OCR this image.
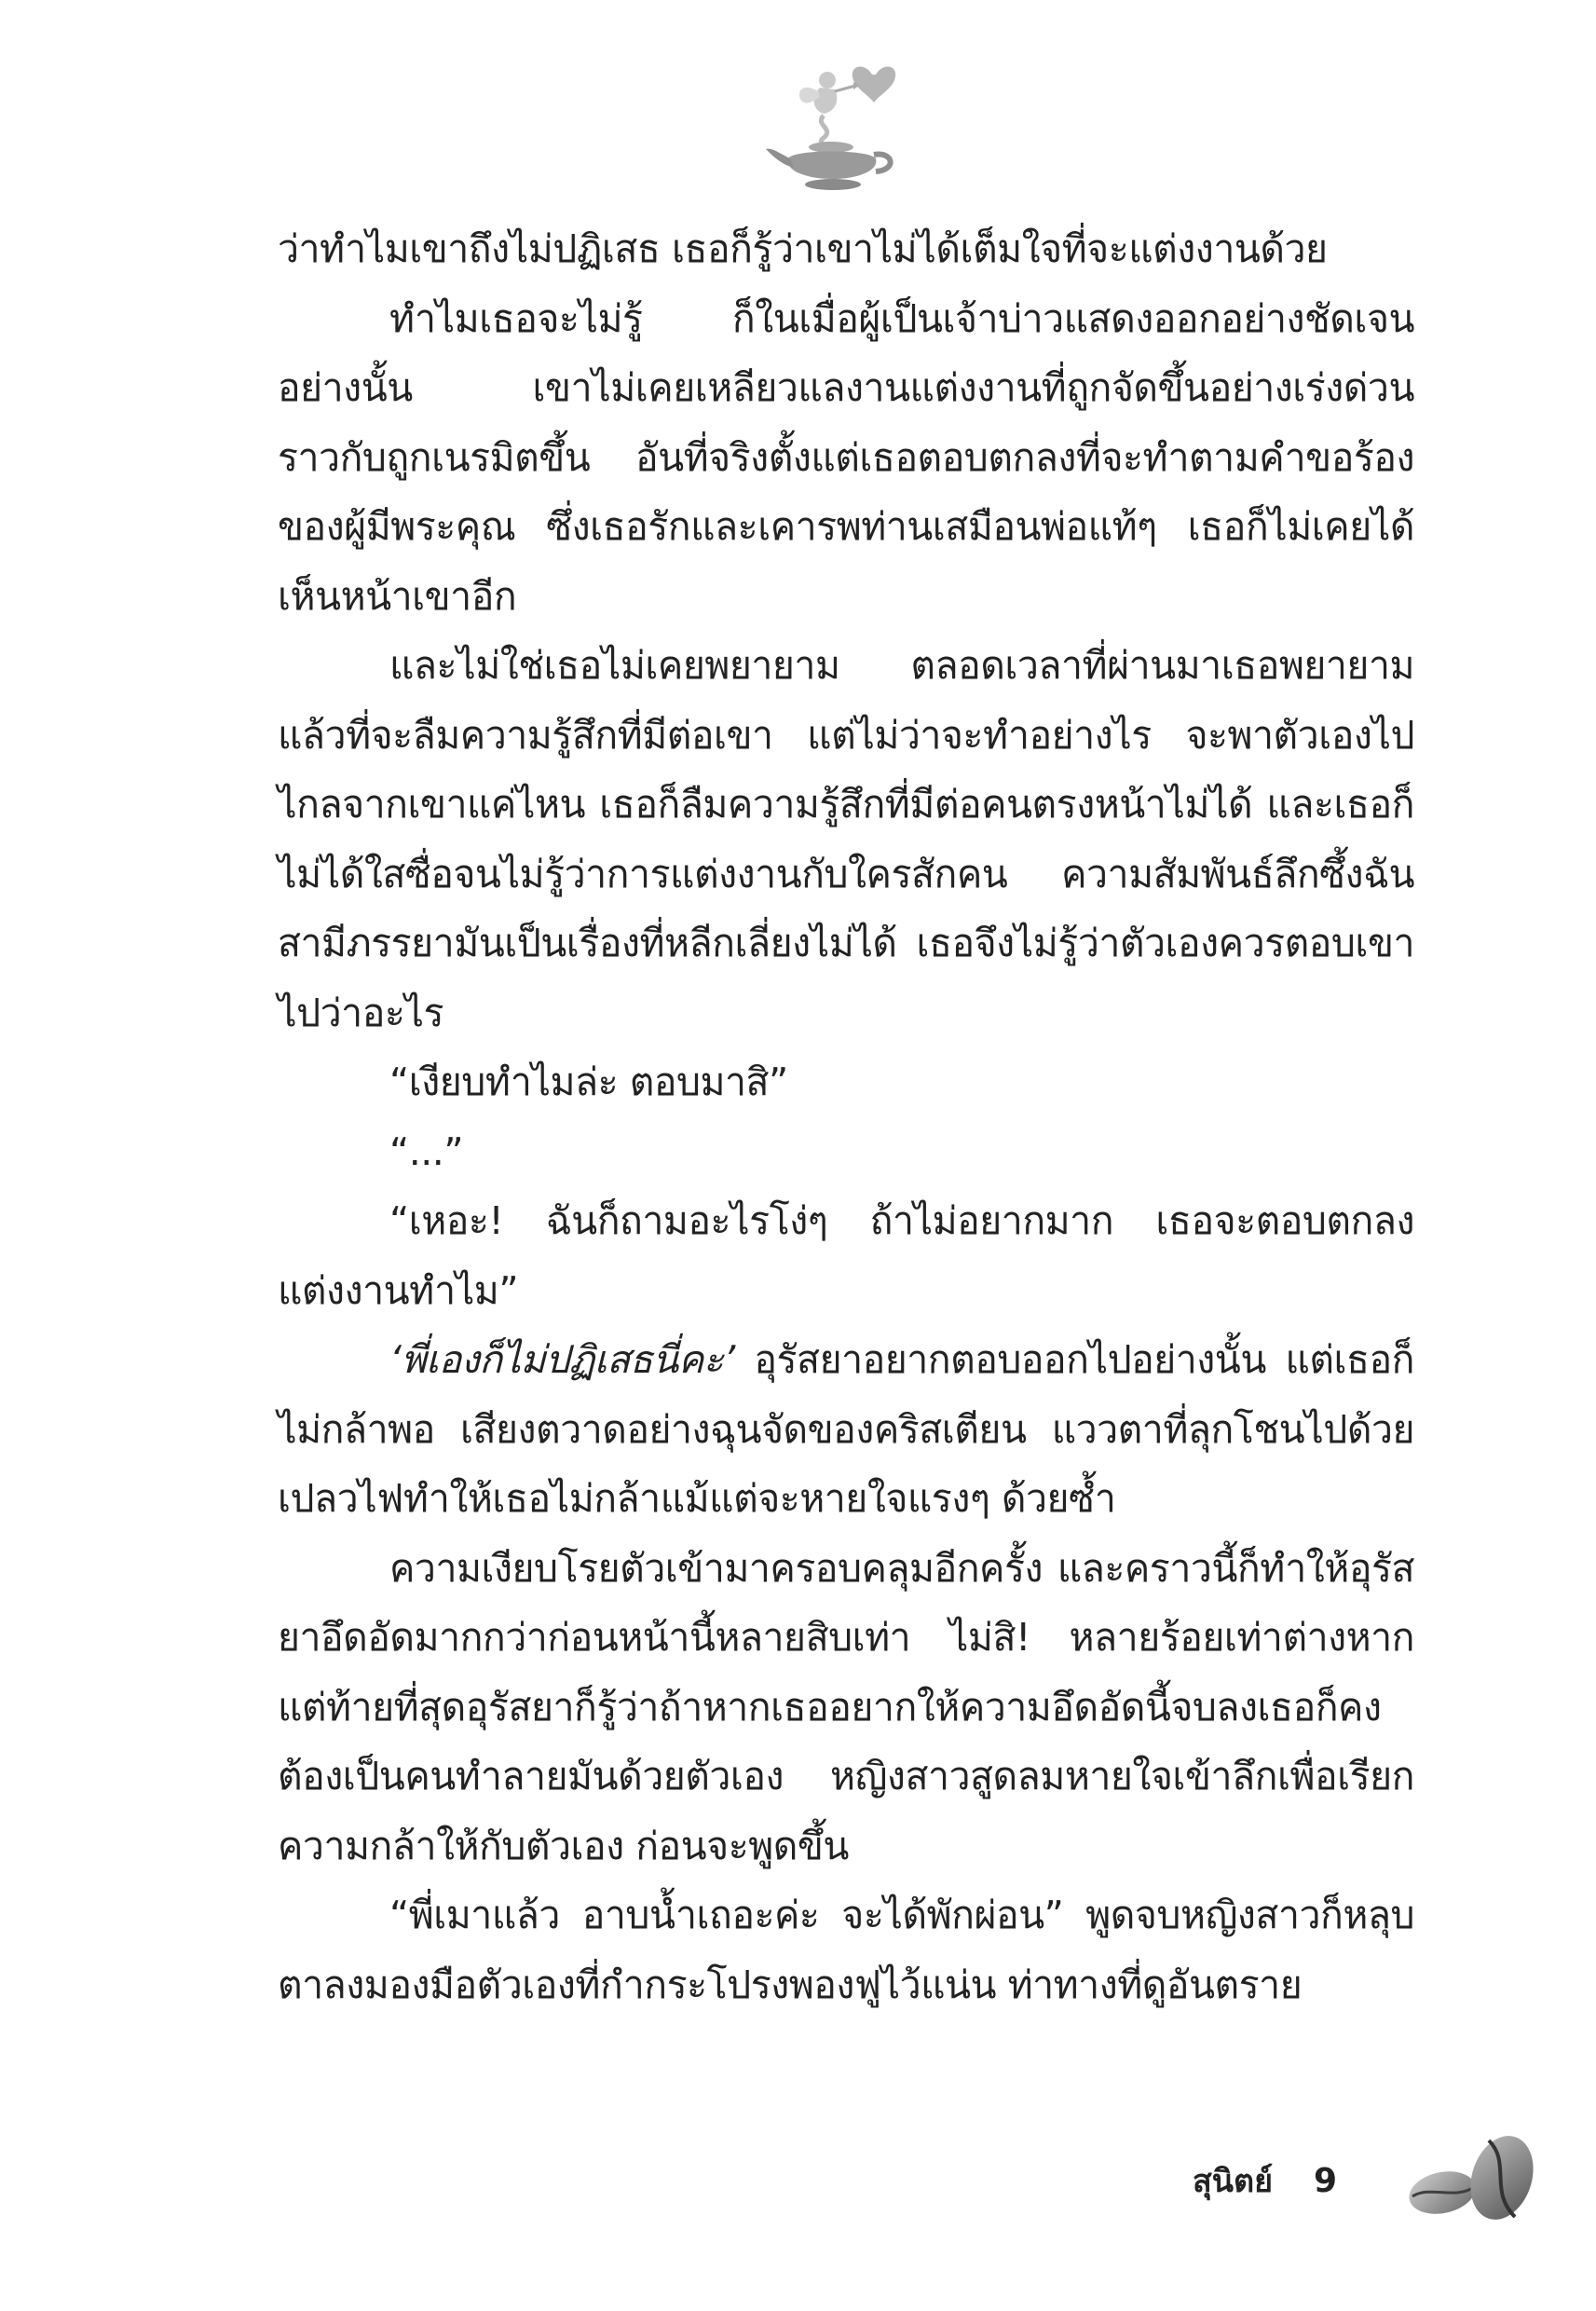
ว่าทำไมเขาถึงไม่ปฏิเสธ เธอก็รู้ว่าเขาไม่ได้เต็มใจที่จะแต่งงานด้วย

ทำไมเธอจะไม่รู้ ก็ในเมื่อผู้เป็นเจ้าบ่าวแสดงออกอย่างชัดเจนอย่างนั้น เขาไม่เคยเหลียวแลงานแต่งงานที่ถูกจัดขึ้นอย่างเร่งด่วนราวกับถูกเนรมิตขึ้น อันที่จริงตั้งแต่เธอตอบตกลงที่จะทำตามคำขอร้องของผู้มีพระคุณ ซึ่งเธอรักและเคารพท่านเสมือนพ่อแท้ๆ เธอก็ไม่เคยได้เห็นหน้าเขาอีก

และไม่ใช่เธอไม่เคยพยายาม ตลอดเวลาที่ผ่านมาเธอพยายามแล้วที่จะลืมความรู้สึกที่มีต่อเขา แต่ไม่ว่าจะทำอย่างไร จะพาตัวเองไปไกลจากเขาแค่ไหน เธอก็ลืมความรู้สึกที่มีต่อคนตรงหน้าไม่ได้ และเธอก็ไม่ได้ใสซื่อจนไม่รู้ว่าการแต่งงานกับใครสักคน ความสัมพันธ์ลึกซึ้งฉันสามีภรรยามันเป็นเรื่องที่หลีกเลี่ยงไม่ได้ เธอจึงไม่รู้ว่าตัวเองควรตอบเขาไปว่าอะไร

“เงียบทำไมล่ะ ตอบมาสิ”

“...”

“เหอะ! ฉันก็ถามอะไรโง่ๆ ถ้าไม่อยากมาก เธอจะตอบตกลงแต่งงานทำไม”

‘พี่เองก็ไม่ปฏิเสธนี่คะ’ อุรัสยาอยากตอบออกไปอย่างนั้น แต่เธอก็ไม่กล้าพอ เสียงตวาดอย่างฉุนจัดของคริสเตียน แววตาที่ลุกโชนไปด้วยเปลวไฟทำให้เธอไม่กล้าแม้แต่จะหายใจแรงๆ ด้วยซ้ำ

ความเงียบโรยตัวเข้ามาครอบคลุมอีกครั้ง และคราวนี้ก็ทำให้อุรัสยาอึดอัดมากกว่าก่อนหน้านี้หลายสิบเท่า ไม่สิ! หลายร้อยเท่าต่างหาก แต่ท้ายที่สุดอุรัสยาก็รู้ว่าถ้าหากเธออยากให้ความอึดอัดนี้จบลงเธอก็คงต้องเป็นคนทำลายมันด้วยตัวเอง หญิงสาวสูดลมหายใจเข้าลึกเพื่อเรียกความกล้าให้กับตัวเอง ก่อนจะพูดขึ้น

“พี่เมาแล้ว อาบน้ำเถอะค่ะ จะได้พักผ่อน” พูดจบหญิงสาวก็หลุบตาลงมองมือตัวเองที่กำกระโปรงพองฟูไว้แน่น ท่าทางที่ดูอันตราย

สุนิตย์ 9
